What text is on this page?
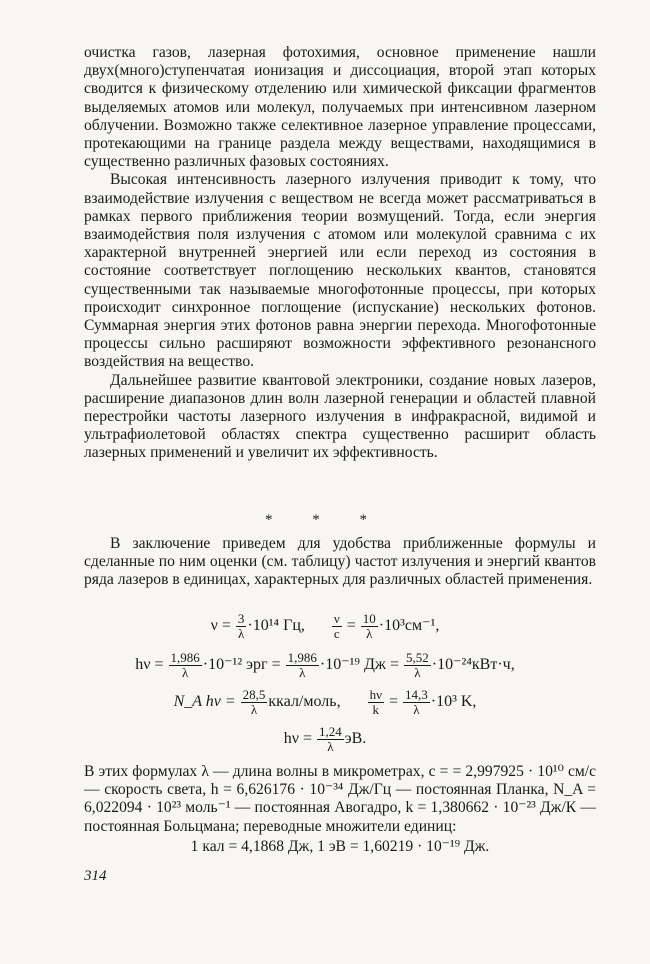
очистка газов, лазерная фотохимия, основное применение нашли двух(много)ступенчатая ионизация и диссоциация, второй этап которых сводится к физическому отделению или химической фиксации фрагментов выделяемых атомов или молекул, получаемых при интенсивном лазерном облучении. Возможно также селективное лазерное управление процессами, протекающими на границе раздела между веществами, находящимися в существенно различных фазовых состояниях.

Высокая интенсивность лазерного излучения приводит к тому, что взаимодействие излучения с веществом не всегда может рассматриваться в рамках первого приближения теории возмущений. Тогда, если энергия взаимодействия поля излучения с атомом или молекулой сравнима с их характерной внутренней энергией или если переход из состояния в состояние соответствует поглощению нескольких квантов, становятся существенными так называемые многофотонные процессы, при которых происходит синхронное поглощение (испускание) нескольких фотонов. Суммарная энергия этих фотонов равна энергии перехода. Многофотонные процессы сильно расширяют возможности эффективного резонансного воздействия на вещество.

Дальнейшее развитие квантовой электроники, создание новых лазеров, расширение диапазонов длин волн лазерной генерации и областей плавной перестройки частоты лазерного излучения в инфракрасной, видимой и ультрафиолетовой областях спектра существенно расширит область лазерных применений и увеличит их эффективность.

* * *

В заключение приведем для удобства приближенные формулы и сделанные по ним оценки (см. таблицу) частот излучения и энергий квантов ряда лазеров в единицах, характерных для различных областей применения.

$\nu = \frac{3}{\lambda} \cdot 10^{14}$ Гц, $\frac{\nu}{c} = \frac{10}{\lambda} \cdot 10^3см^{-1}$,
$h\nu = \frac{1,986}{\lambda} \cdot 10^{-12}$ эрг = $\frac{1,986}{\lambda} \cdot 10^{-19}$ Дж = $\frac{5,52}{\lambda} \cdot 10^{-24}кВт\cdot ч$,
N_A $h\nu = \frac{28,5}{\lambda}$ ккал/моль, $\frac{h\nu}{k} = \frac{14,3}{\lambda} \cdot 10^3$ K,
$h\nu = \frac{1,24}{\lambda}$ эВ.

В этих формулах λ — длина волны в микрометрах, c = = 2,997925 · 10¹⁰ см/с — скорость света, h = 6,626176 · 10⁻³⁴ Дж/Гц — постоянная Планка, N_A = 6,022094 · 10²³ моль⁻¹ — постоянная Авогадро, k = 1,380662 · 10⁻²³ Дж/К — постоянная Больцмана; переводные множители единиц:

1 кал = 4,1868 Дж, 1 эВ = 1,60219 · 10⁻¹⁹ Дж.

314
